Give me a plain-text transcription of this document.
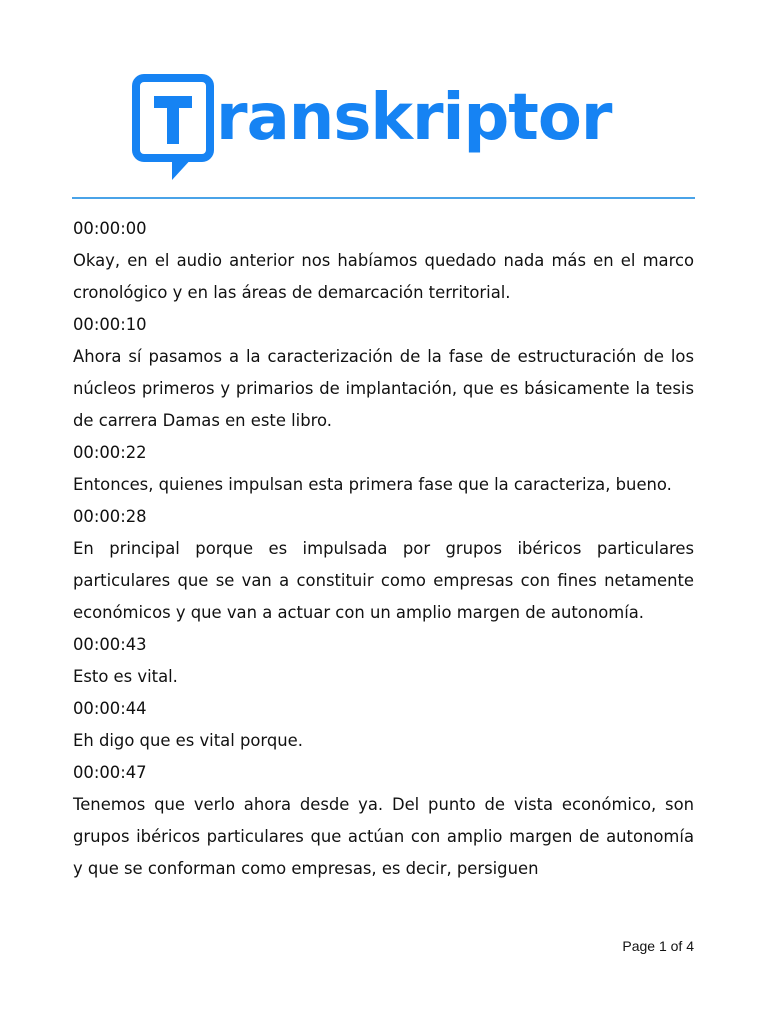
ranskriptor
00:00:00
Okay, en el audio anterior nos habíamos quedado nada más en el marco cronológico y en las áreas de demarcación territorial.
00:00:10
Ahora sí pasamos a la caracterización de la fase de estructuración de los núcleos primeros y primarios de implantación, que es básicamente la tesis de carrera Damas en este libro.
00:00:22
Entonces, quienes impulsan esta primera fase que la caracteriza, bueno.
00:00:28
En principal porque es impulsada por grupos ibéricos particulares particulares que se van a constituir como empresas con fines netamente económicos y que van a actuar con un amplio margen de autonomía.
00:00:43
Esto es vital.
00:00:44
Eh digo que es vital porque.
00:00:47
Tenemos que verlo ahora desde ya. Del punto de vista económico, son grupos ibéricos particulares que actúan con amplio margen de autonomía y que se conforman como empresas, es decir, persiguen
Page 1 of 4
